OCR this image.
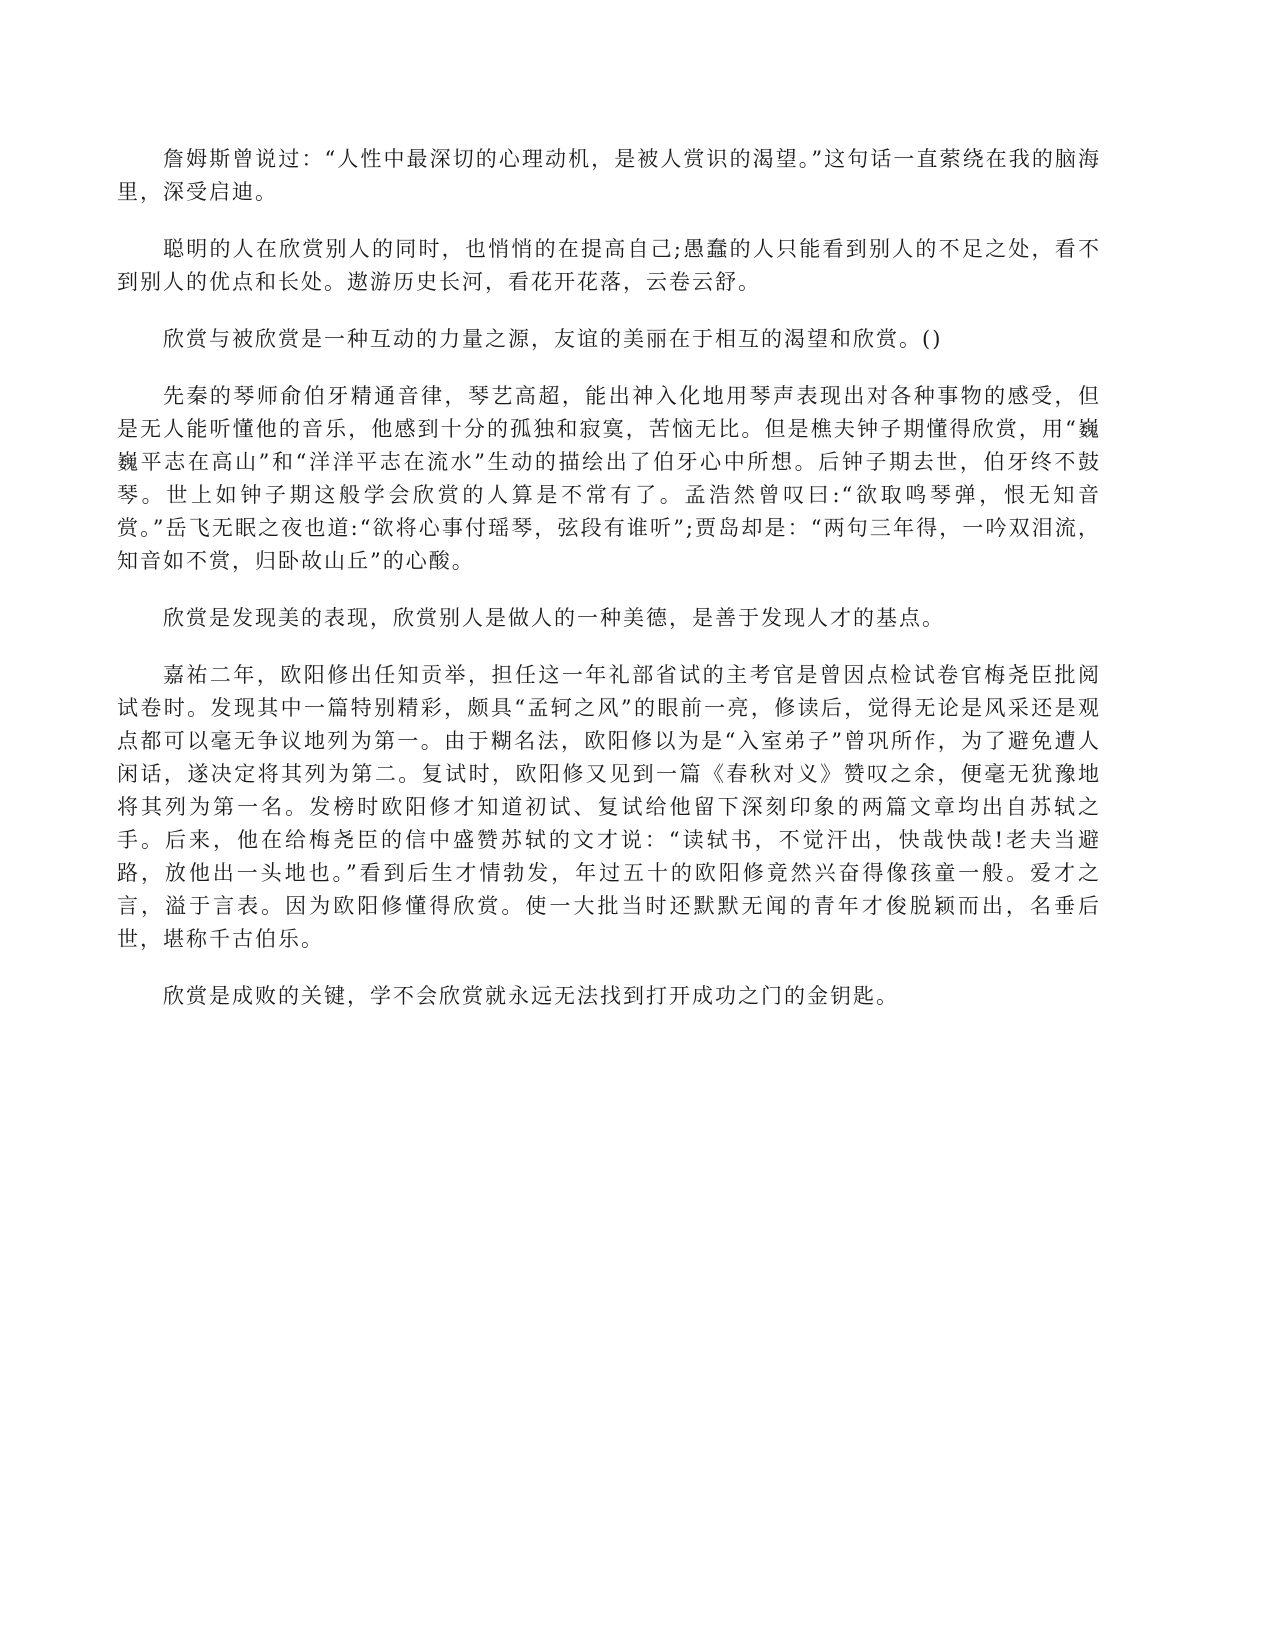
詹姆斯曾说过：“人性中最深切的心理动机，是被人赏识的渴望。”这句话一直萦绕在我的脑海里，深受启迪。

聪明的人在欣赏别人的同时，也悄悄的在提高自己;愚蠢的人只能看到别人的不足之处，看不到别人的优点和长处。遨游历史长河，看花开花落，云卷云舒。

欣赏与被欣赏是一种互动的力量之源，友谊的美丽在于相互的渴望和欣赏。()

先秦的琴师俞伯牙精通音律，琴艺高超，能出神入化地用琴声表现出对各种事物的感受，但是无人能听懂他的音乐，他感到十分的孤独和寂寞，苦恼无比。但是樵夫钟子期懂得欣赏，用“巍巍平志在高山”和“洋洋平志在流水”生动的描绘出了伯牙心中所想。后钟子期去世，伯牙终不鼓琴。世上如钟子期这般学会欣赏的人算是不常有了。孟浩然曾叹曰:“欲取鸣琴弹，恨无知音赏。”岳飞无眠之夜也道:“欲将心事付瑶琴，弦段有谁听”;贾岛却是：“两句三年得，一吟双泪流，知音如不赏，归卧故山丘”的心酸。

欣赏是发现美的表现，欣赏别人是做人的一种美德，是善于发现人才的基点。

嘉祐二年，欧阳修出任知贡举，担任这一年礼部省试的主考官是曾因点检试卷官梅尧臣批阅试卷时。发现其中一篇特别精彩，颇具“孟轲之风”的眼前一亮，修读后，觉得无论是风采还是观点都可以毫无争议地列为第一。由于糊名法，欧阳修以为是“入室弟子”曾巩所作，为了避免遭人闲话，遂决定将其列为第二。复试时，欧阳修又见到一篇《春秋对义》赞叹之余，便毫无犹豫地将其列为第一名。发榜时欧阳修才知道初试、复试给他留下深刻印象的两篇文章均出自苏轼之手。后来，他在给梅尧臣的信中盛赞苏轼的文才说：“读轼书，不觉汗出，快哉快哉!老夫当避路，放他出一头地也。”看到后生才情勃发，年过五十的欧阳修竟然兴奋得像孩童一般。爱才之言，溢于言表。因为欧阳修懂得欣赏。使一大批当时还默默无闻的青年才俊脱颖而出，名垂后世，堪称千古伯乐。

欣赏是成败的关键，学不会欣赏就永远无法找到打开成功之门的金钥匙。
